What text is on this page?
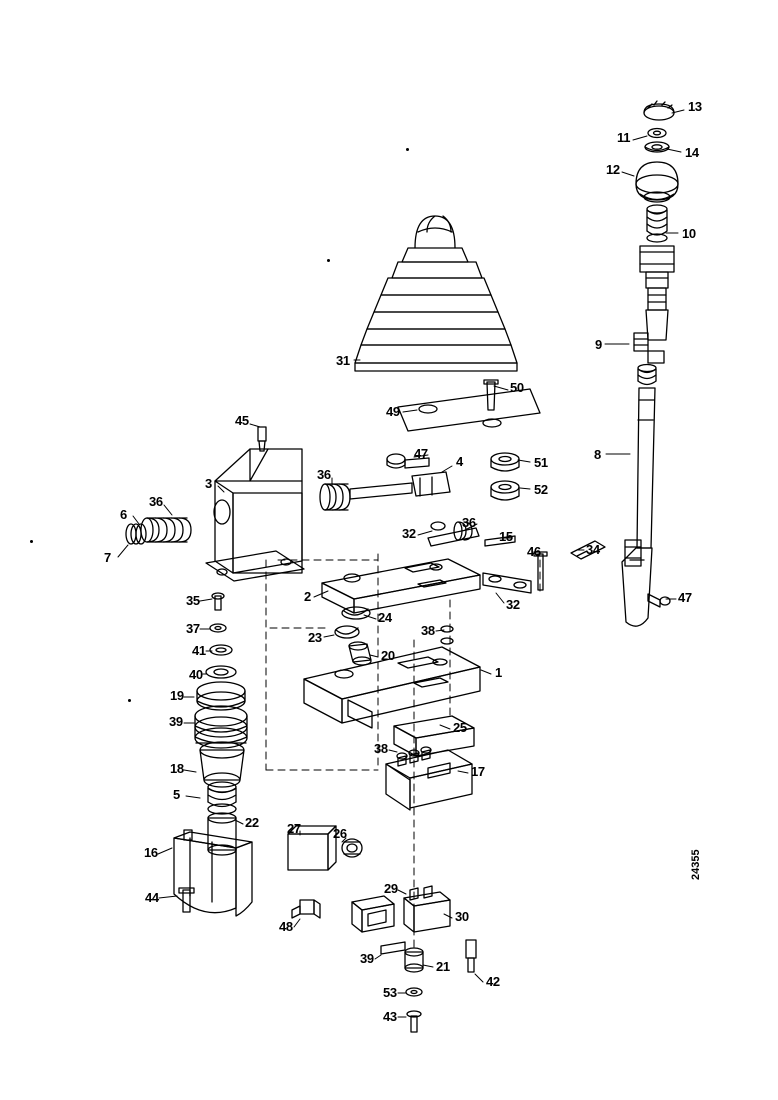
13
11
14
12
10
9
31
50
49
8
45
47
4	51
36
3	52
36
6
32
36
15
46	34
7
2
32	47
35
24
37
23	38
41	20
40	1
19
39	25
38
18	17
5
22 27 26
16
44
29
48
30
39
21
42
53
43
24355
